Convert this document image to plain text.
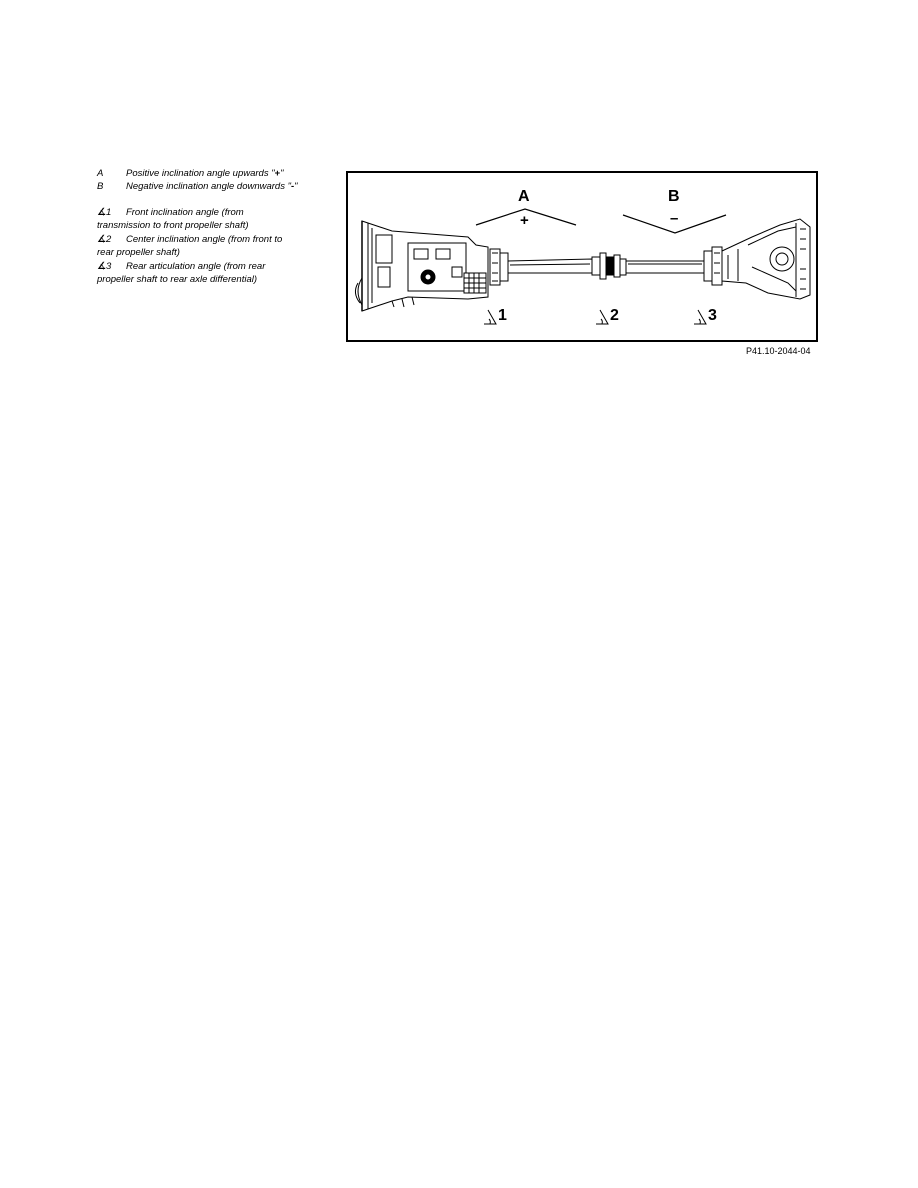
A Positive inclination angle upwards "+"
B Negative inclination angle downwards "-"
∡1 Front inclination angle (from
transmission to front propeller shaft)
∡2 Center inclination angle (from front to
rear propeller shaft)
∡3 Rear articulation angle (from rear
propeller shaft to rear axle differential)
A
+
B
–
1	2	3
P41.10-2044-04
